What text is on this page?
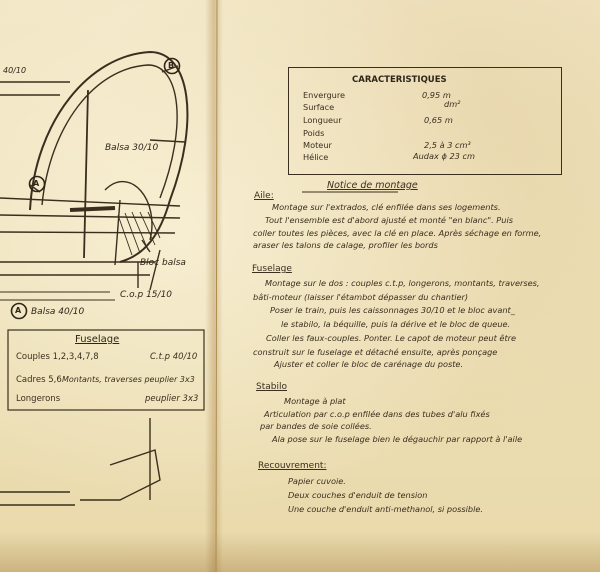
40/10
B
A
A
Balsa 30/10
Bloc balsa
C.o.p 15/10
Balsa 40/10
Fuselage
Couples 1,2,3,4,7,8	C.t.p 40/10
Cadres 5,6 Montants, traverses peuplier 3x3
Longerons	peuplier 3x3
CARACTERISTIQUES
Envergure	0,95 m
Surface	dm²
Longueur	0,65 m
Poids
Moteur	2,5 à 3 cm³
Hélice	Audax ϕ 23 cm
Notice de montage
Aile:
Montage sur l'extrados, clé enfilée dans ses logements.
Tout l'ensemble est d'abord ajusté et monté "en blanc". Puis
coller toutes les pièces, avec la clé en place. Après séchage en forme,
araser les talons de calage, profiler les bords
Fuselage
Montage sur le dos : couples c.t.p, longerons, montants, traverses,
bâti-moteur (laisser l'étambot dépasser du chantier)
Poser le train, puis les caissonnages 30/10 et le bloc avant_
le stabilo, la béquille, puis la dérive et le bloc de queue.
Coller les faux-couples. Ponter. Le capot de moteur peut être
construit sur le fuselage et détaché ensuite, après ponçage
Ajuster et coller le bloc de carénage du poste.
Stabilo
Montage à plat
Articulation par c.o.p enfilée dans des tubes d'alu fixés
par bandes de soie collées.
Ala pose sur le fuselage bien le dégauchir par rapport à l'aile
Recouvrement:
Papier cuvoie.
Deux couches d'enduit de tension
Une couche d'enduit anti-methanol, si possible.
